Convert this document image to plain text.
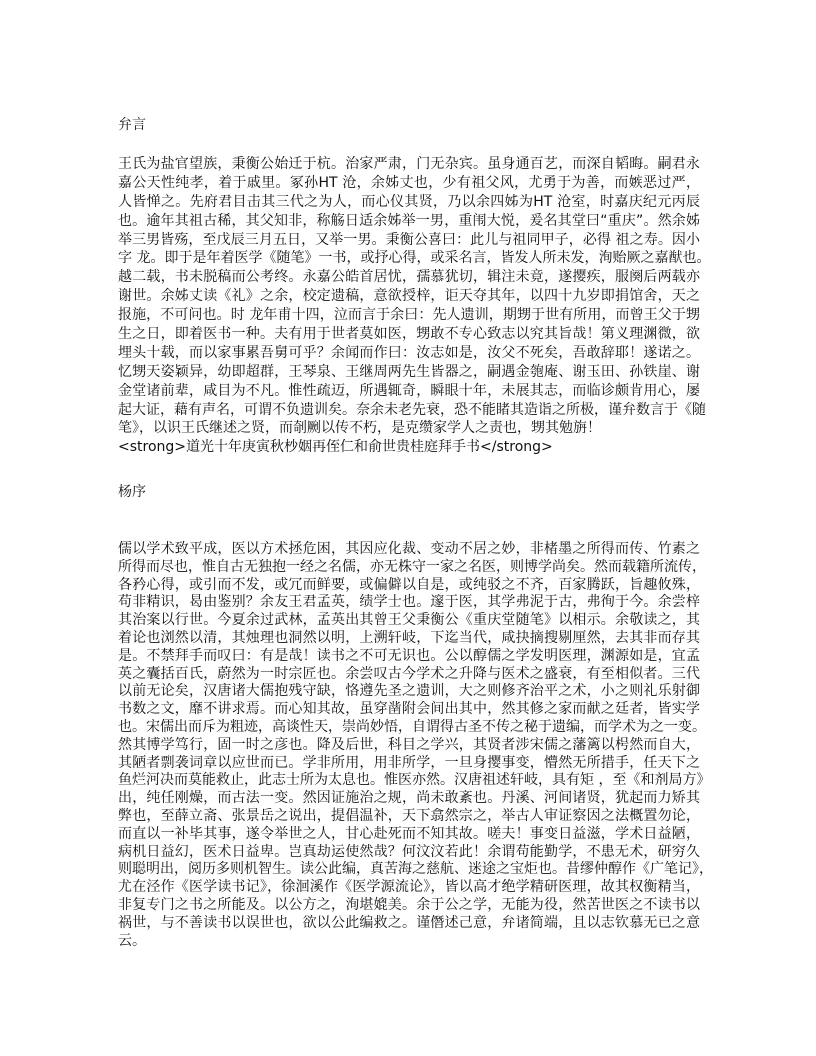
弁言
王氏为盐官望族，秉衡公始迁于杭。治家严肃，门无杂宾。虽身通百艺，而深自韬晦。嗣君永
嘉公天性纯孝，着于戚里。冢孙HT 沧，余姊丈也，少有祖父风，尤勇于为善，而嫉恶过严，
人皆惮之。先府君目击其三代之为人，而心仪其贤，乃以余四姊为HT 沧室，时嘉庆纪元丙辰
也。逾年其祖古稀，其父知非，称觞日适余姊举一男，重闱大悦，爰名其堂曰“重庆”。然余姊
举三男皆殇，至戊辰三月五日，又举一男。秉衡公喜曰：此儿与祖同甲子，必得 祖之寿。因小
字 龙。即于是年着医学《随笔》一书，或抒心得，或采名言，皆发人所未发，洵贻厥之嘉猷也。
越二载，书未脱稿而公考终。永嘉公皓首居忧，孺慕犹切，辑注未竟，遂撄疾，服阕后两载亦
谢世。余姊丈读《礼》之余，校定遗稿，意欲授梓，讵天夺其年，以四十九岁即捐馆舍，天之
报施，不可问也。时 龙年甫十四，泣而言于余曰：先人遗训，期甥于世有所用，而曾王父于甥
生之日，即着医书一种。夫有用于世者莫如医，甥敢不专心致志以究其旨哉！第义理渊微，欲
埋头十载，而以家事累吾舅可乎？余闻而作曰：汝志如是，汝父不死矣，吾敢辞耶！遂诺之。
忆甥天姿颖异，幼即超群，王琴泉、王继周两先生皆器之，嗣遇金匏庵、谢玉田、孙铁崖、谢
金堂诸前辈，咸目为不凡。惟性疏迈，所遇辄奇，瞬眼十年，未展其志，而临诊颇肯用心，屡
起大证，藉有声名，可谓不负遗训矣。奈余未老先衰，恐不能睹其造诣之所极，谨弁数言于《随
笔》，以识王氏继述之贤，而剞劂以传不朽，是克缵家学人之责也，甥其勉旃！
<strong>道光十年庚寅秋杪姻再侄仁和俞世贵桂庭拜手书</strong>
杨序
儒以学术致平成，医以方术拯危困，其因应化裁、变动不居之妙，非楮墨之所得而传、竹素之
所得而尽也，惟自古无独抱一经之名儒，亦无株守一家之名医，则博学尚矣。然而载籍所流传，
各矜心得，或引而不发，或冗而鲜要，或偏僻以自是，或纯驳之不齐，百家腾跃，旨趣攸殊，
苟非精识，曷由鉴别？余友王君孟英，绩学士也。邃于医，其学弗泥于古，弗徇于今。余尝梓
其治案以行世。今夏余过武林，孟英出其曾王父秉衡公《重庆堂随笔》以相示。余敬读之，其
着论也浏然以清，其烛理也洞然以明，上溯轩岐，下迄当代，咸抉摘搜剔厘然，去其非而存其
是。不禁拜手而叹曰：有是哉！读书之不可无识也。公以醇儒之学发明医理，渊源如是，宜孟
英之囊括百氏，蔚然为一时宗匠也。余尝叹古今学术之升降与医术之盛衰，有至相似者。三代
以前无论矣，汉唐诸大儒抱残守缺，恪遵先圣之遗训，大之则修齐治平之术，小之则礼乐射御
书数之文，靡不讲求焉。而心知其故，虽穿凿附会间出其中，然其修之家而献之廷者，皆实学
也。宋儒出而斥为粗迹，高谈性天，崇尚妙悟，自谓得古圣不传之秘于遗编，而学术为之一变。
然其博学笃行，固一时之彦也。降及后世，科目之学兴，其贤者涉宋儒之藩篱以枵然而自大，
其陋者剽袭词章以应世而已。学非所用，用非所学，一旦身撄事变，懵然无所措手，任天下之
鱼烂河决而莫能救止，此志士所为太息也。惟医亦然。汉唐祖述轩岐，具有矩 ，至《和剂局方》
出，纯任刚燥，而古法一变。然因证施治之规，尚未敢紊也。丹溪、河间诸贤，犹起而力矫其
弊也，至薛立斋、张景岳之说出，提倡温补，天下翕然宗之，举古人审证察因之法概置勿论，
而直以一补毕其事，遂令举世之人，甘心赴死而不知其故。嗟夫！事变日益滋，学术日益陋，
病机日益幻，医术日益卑。岂真劫运使然哉？何汶汶若此！余谓苟能勤学，不患无术，研穷久
则聪明出，阅历多则机智生。读公此编，真苦海之慈航、迷途之宝炬也。昔缪仲醇作《广笔记》，
尤在泾作《医学读书记》，徐洄溪作《医学源流论》，皆以高才绝学精研医理，故其权衡精当，
非复专门之书之所能及。以公方之，洵堪媲美。余于公之学，无能为役，然苦世医之不读书以
祸世，与不善读书以误世也，欲以公此编救之。谨僭述己意，弁诸简端，且以志钦慕无已之意
云。
